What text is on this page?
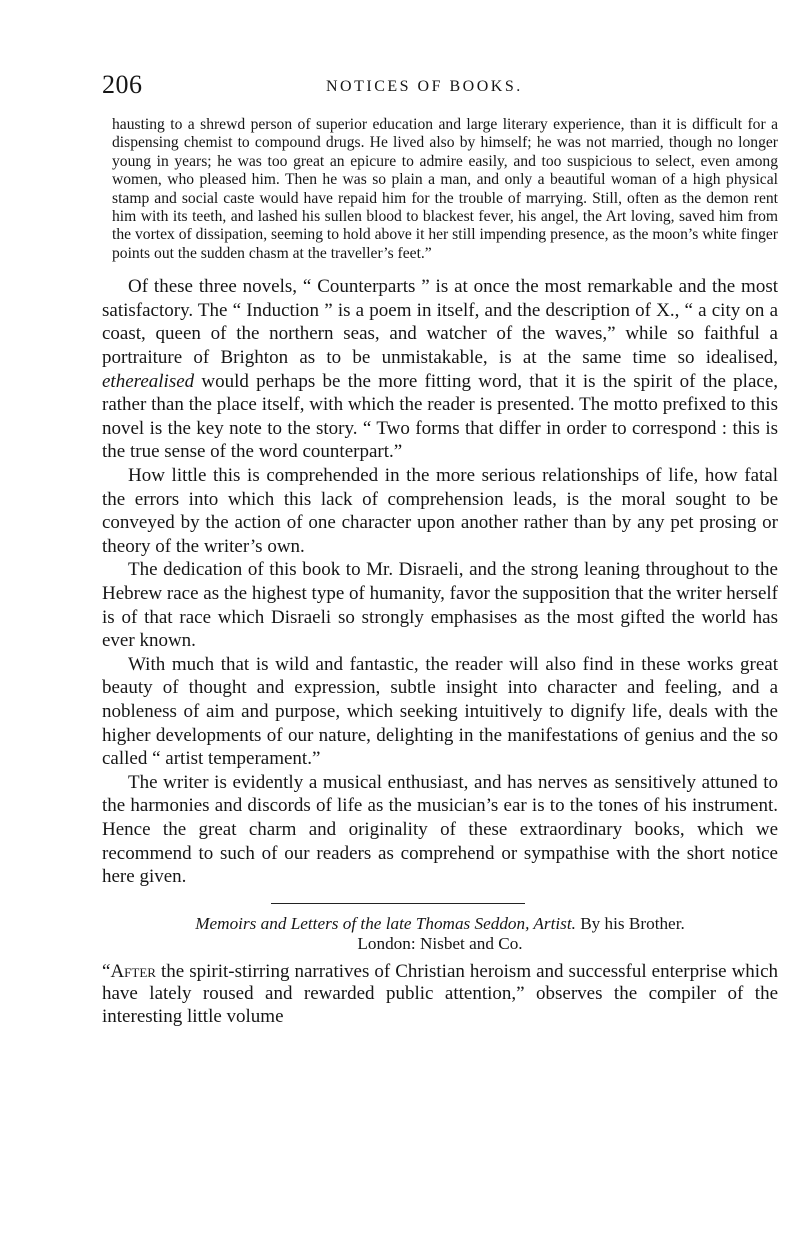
206	NOTICES OF BOOKS.

hausting to a shrewd person of superior education and large literary experience, than it is difficult for a dispensing chemist to compound drugs. He lived also by himself; he was not married, though no longer young in years; he was too great an epicure to admire easily, and too suspicious to select, even among women, who pleased him. Then he was so plain a man, and only a beautiful woman of a high physical stamp and social caste would have repaid him for the trouble of marrying. Still, often as the demon rent him with its teeth, and lashed his sullen blood to blackest fever, his angel, the Art loving, saved him from the vortex of dissipation, seeming to hold above it her still impending presence, as the moon’s white finger points out the sudden chasm at the traveller’s feet.”

Of these three novels, “ Counterparts ” is at once the most remarkable and the most satisfactory. The “ Induction ” is a poem in itself, and the description of X., “ a city on a coast, queen of the northern seas, and watcher of the waves,” while so faithful a portraiture of Brighton as to be unmistakable, is at the same time so idealised, etherealised would perhaps be the more fitting word, that it is the spirit of the place, rather than the place itself, with which the reader is presented. The motto prefixed to this novel is the key note to the story. “ Two forms that differ in order to correspond : this is the true sense of the word counterpart.”

How little this is comprehended in the more serious relationships of life, how fatal the errors into which this lack of comprehension leads, is the moral sought to be conveyed by the action of one character upon another rather than by any pet prosing or theory of the writer’s own.

The dedication of this book to Mr. Disraeli, and the strong leaning throughout to the Hebrew race as the highest type of humanity, favor the supposition that the writer herself is of that race which Disraeli so strongly emphasises as the most gifted the world has ever known.

With much that is wild and fantastic, the reader will also find in these works great beauty of thought and expression, subtle insight into character and feeling, and a nobleness of aim and purpose, which seeking intuitively to dignify life, deals with the higher developments of our nature, delighting in the manifestations of genius and the so called “ artist temperament.”

The writer is evidently a musical enthusiast, and has nerves as sensitively attuned to the harmonies and discords of life as the musician’s ear is to the tones of his instrument. Hence the great charm and originality of these extraordinary books, which we recommend to such of our readers as comprehend or sympathise with the short notice here given.

Memoirs and Letters of the late Thomas Seddon, Artist. By his Brother.
London: Nisbet and Co.

“After the spirit-stirring narratives of Christian heroism and successful enterprise which have lately roused and rewarded public attention,” observes the compiler of the interesting little volume
